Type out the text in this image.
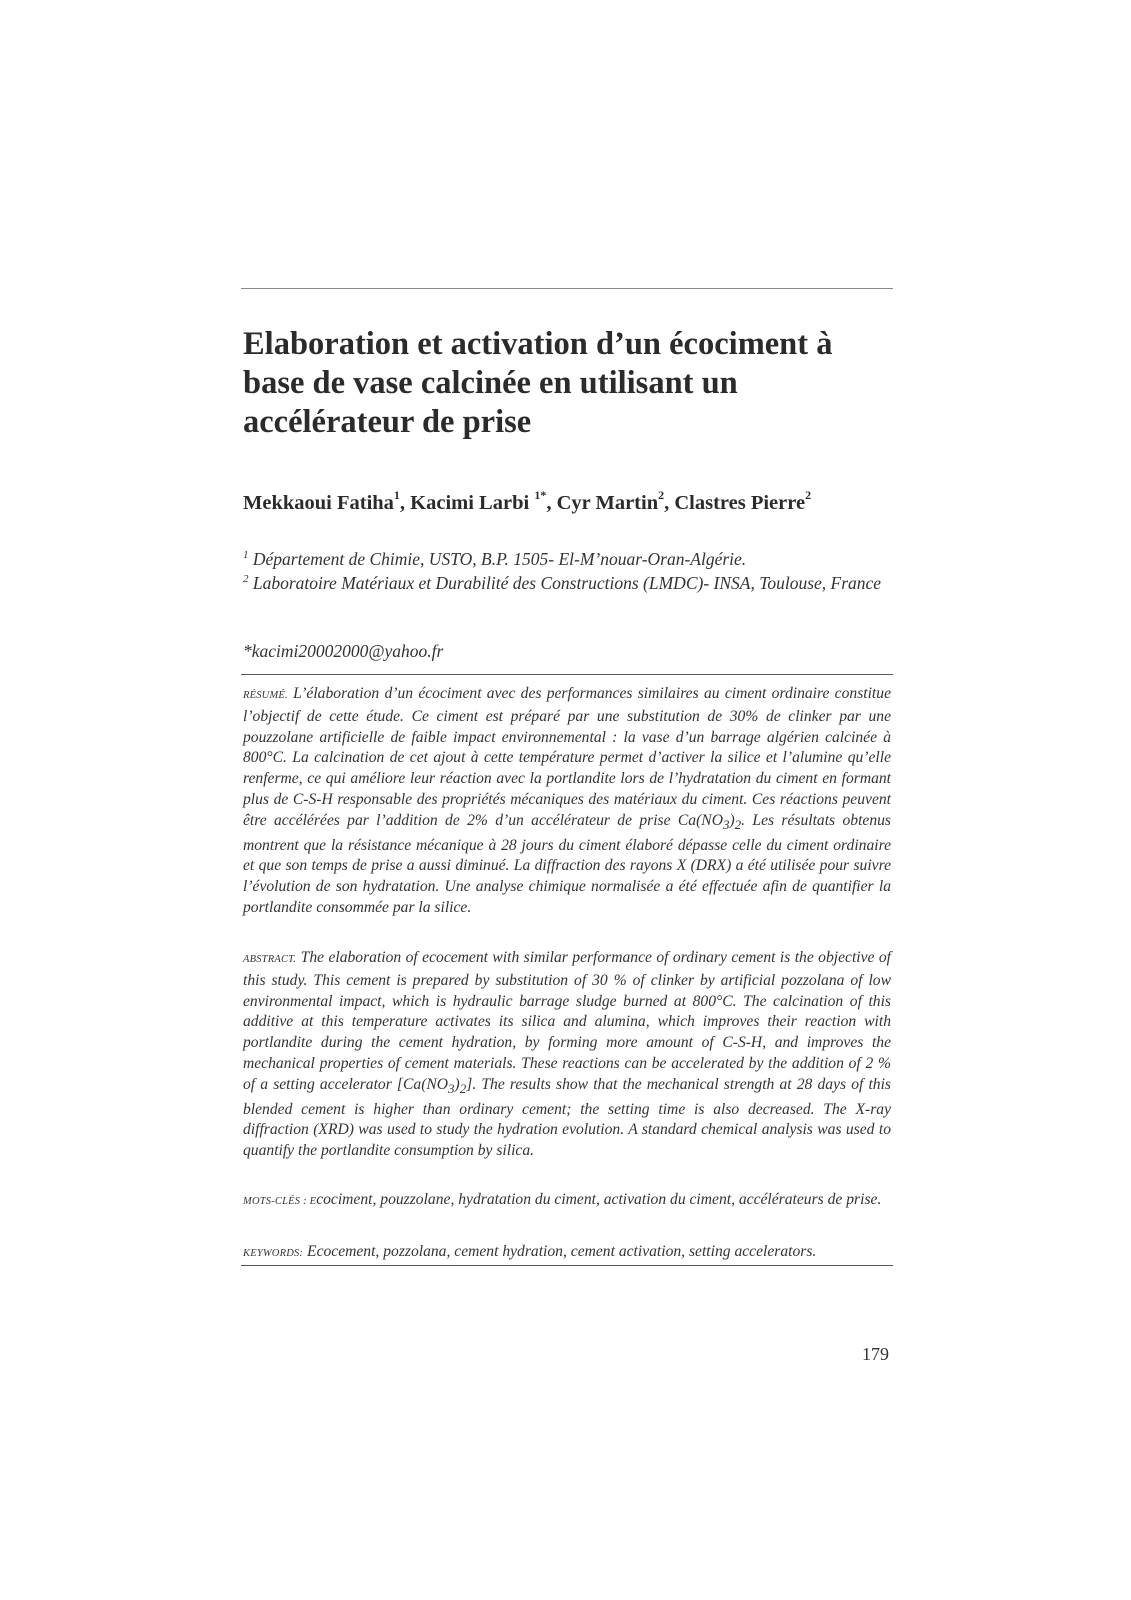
Elaboration et activation d’un écociment à base de vase calcinée en utilisant un accélérateur de prise
Mekkaoui Fatiha$^1$, Kacimi Larbi $^{1*}$, Cyr Martin$^2$, Clastres Pierre$^2$
$^1$ Département de Chimie, USTO, B.P. 1505- El-M’nouar-Oran-Algérie.
$^2$ Laboratoire Matériaux et Durabilité des Constructions (LMDC)- INSA, Toulouse, France
*kacimi20002000@yahoo.fr

RÉSUMÉ. L’élaboration d’un écociment avec des performances similaires au ciment ordinaire constitue l’objectif de cette étude. Ce ciment est préparé par une substitution de 30% de clinker par une pouzzolane artificielle de faible impact environnemental : la vase d’un barrage algérien calcinée à 800°C. La calcination de cet ajout à cette température permet d’activer la silice et l’alumine qu’elle renferme, ce qui améliore leur réaction avec la portlandite lors de l’hydratation du ciment en formant plus de C-S-H responsable des propriétés mécaniques des matériaux du ciment. Ces réactions peuvent être accélérées par l’addition de 2% d’un accélérateur de prise $Ca(NO_3)_2$. Les résultats obtenus montrent que la résistance mécanique à 28 jours du ciment élaboré dépasse celle du ciment ordinaire et que son temps de prise a aussi diminué. La diffraction des rayons X (DRX) a été utilisée pour suivre l’évolution de son hydratation. Une analyse chimique normalisée a été effectuée afin de quantifier la portlandite consommée par la silice.

ABSTRACT. The elaboration of ecocement with similar performance of ordinary cement is the objective of this study. This cement is prepared by substitution of 30 % of clinker by artificial pozzolana of low environmental impact, which is hydraulic barrage sludge burned at 800°C. The calcination of this additive at this temperature activates its silica and alumina, which improves their reaction with portlandite during the cement hydration, by forming more amount of C-S-H, and improves the mechanical properties of cement materials. These reactions can be accelerated by the addition of 2 % of a setting accelerator $[Ca(NO_3)_2]$. The results show that the mechanical strength at 28 days of this blended cement is higher than ordinary cement; the setting time is also decreased. The X-ray diffraction (XRD) was used to study the hydration evolution. A standard chemical analysis was used to quantify the portlandite consumption by silica.

MOTS-CLÉS : Ecociment, pouzzolane, hydratation du ciment, activation du ciment, accélérateurs de prise.

KEYWORDS: Ecocement, pozzolana, cement hydration, cement activation, setting accelerators.

179
